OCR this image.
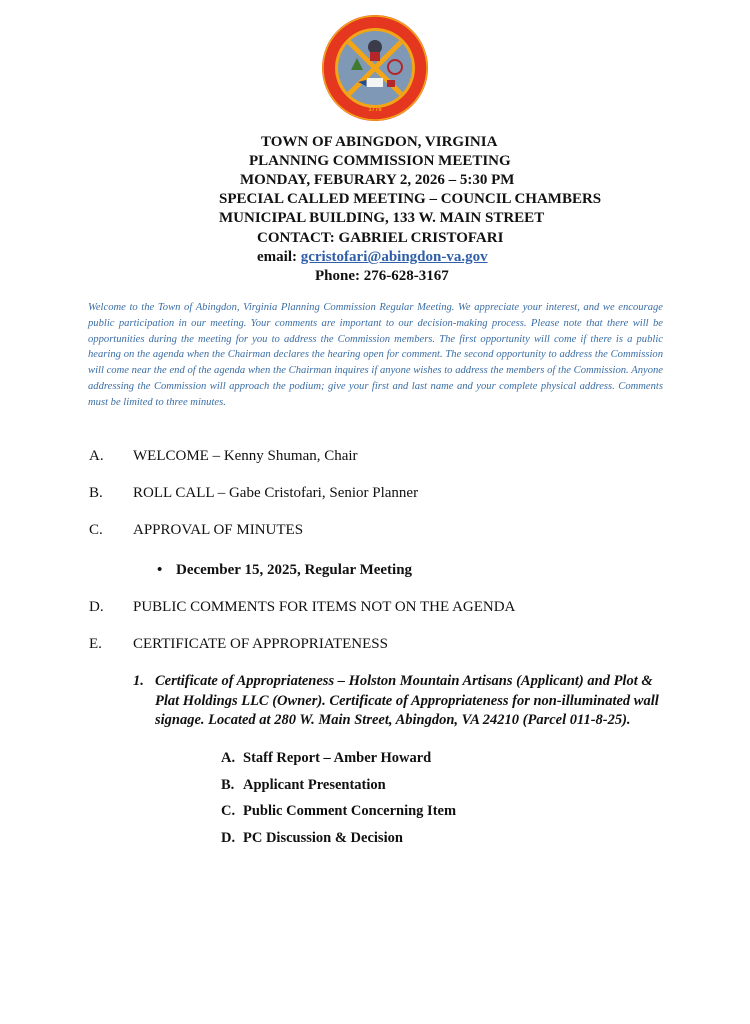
1778
TOWN OF ABINGDON, VIRGINIA
PLANNING COMMISSION MEETING
MONDAY, FEBURARY 2, 2026 – 5:30 PM
SPECIAL CALLED MEETING – COUNCIL CHAMBERS
MUNICIPAL BUILDING, 133 W. MAIN STREET
CONTACT: GABRIEL CRISTOFARI
email: gcristofari@abingdon-va.gov
Phone: 276-628-3167
Welcome to the Town of Abingdon, Virginia Planning Commission Regular Meeting. We appreciate your interest, and we encourage public participation in our meeting. Your comments are important to our decision-making process. Please note that there will be opportunities during the meeting for you to address the Commission members. The first opportunity will come if there is a public hearing on the agenda when the Chairman declares the hearing open for comment. The second opportunity to address the Commission will come near the end of the agenda when the Chairman inquires if anyone wishes to address the members of the Commission. Anyone addressing the Commission will approach the podium; give your first and last name and your complete physical address. Comments must be limited to three minutes.
A. WELCOME – Kenny Shuman, Chair
B. ROLL CALL – Gabe Cristofari, Senior Planner
C. APPROVAL OF MINUTES
• December 15, 2025, Regular Meeting
D. PUBLIC COMMENTS FOR ITEMS NOT ON THE AGENDA
E. CERTIFICATE OF APPROPRIATENESS
1. Certificate of Appropriateness – Holston Mountain Artisans (Applicant) and Plot & Plat Holdings LLC (Owner). Certificate of Appropriateness for non-illuminated wall signage. Located at 280 W. Main Street, Abingdon, VA 24210 (Parcel 011-8-25).
A. Staff Report – Amber Howard
B. Applicant Presentation
C. Public Comment Concerning Item
D. PC Discussion & Decision
